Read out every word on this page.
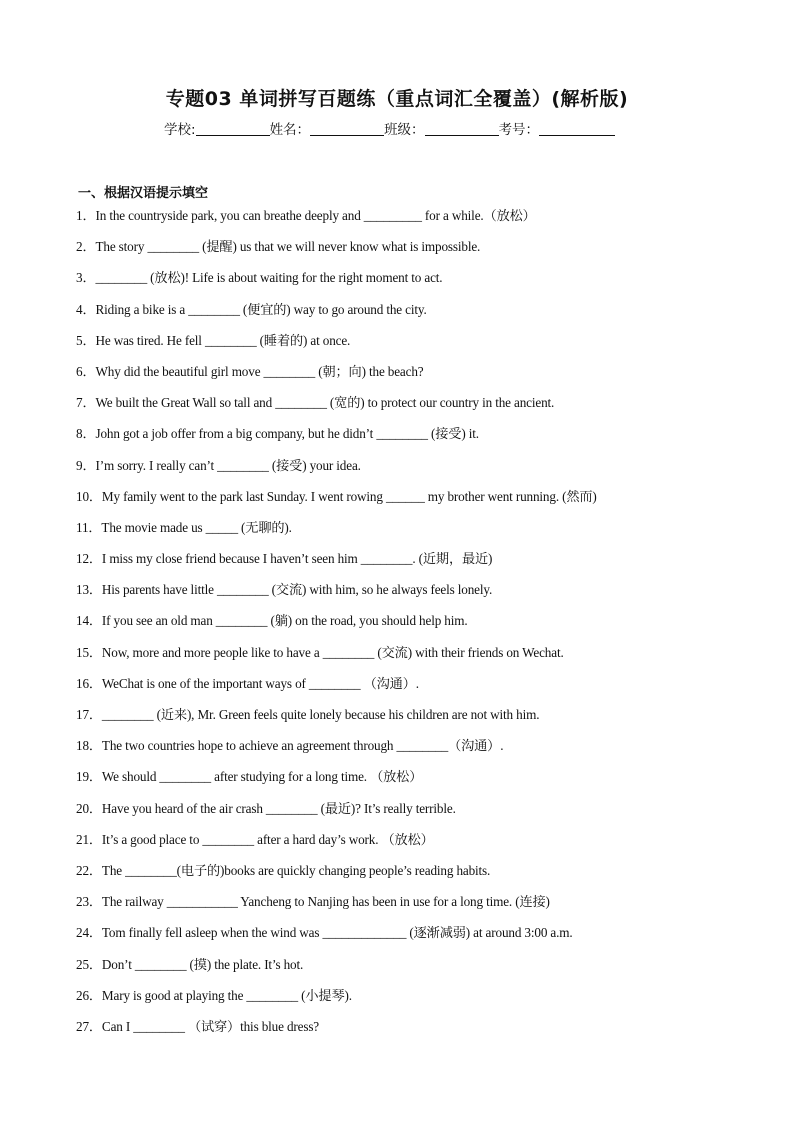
专题03 单词拼写百题练（重点词汇全覆盖）(解析版)
学校:	姓名：	班级：	考号：
一、根据汉语提示填空
1．In the countryside park, you can breathe deeply and _________ for a while.（放松）
2．The story ________ (提醒) us that we will never know what is impossible.
3．________ (放松)! Life is about waiting for the right moment to act.
4．Riding a bike is a ________ (便宜的) way to go around the city.
5．He was tired. He fell ________ (睡着的) at once.
6．Why did the beautiful girl move ________ (朝；向) the beach?
7．We built the Great Wall so tall and ________ (宽的) to protect our country in the ancient.
8．John got a job offer from a big company, but he didn’t ________ (接受) it.
9．I’m sorry. I really can’t ________ (接受) your idea.
10．My family went to the park last Sunday. I went rowing ______ my brother went running. (然而)
11．The movie made us _____ (无聊的).
12．I miss my close friend because I haven’t seen him ________. (近期，最近)
13．His parents have little ________ (交流) with him, so he always feels lonely.
14．If you see an old man ________ (躺) on the road, you should help him.
15．Now, more and more people like to have a ________ (交流) with their friends on Wechat.
16．WeChat is one of the important ways of ________ （沟通）.
17．________ (近来), Mr. Green feels quite lonely because his children are not with him.
18．The two countries hope to achieve an agreement through ________（沟通）.
19．We should ________ after studying for a long time. （放松）
20．Have you heard of the air crash ________ (最近)? It’s really terrible.
21．It’s a good place to ________ after a hard day’s work. （放松）
22．The ________(电子的)books are quickly changing people’s reading habits.
23．The railway ___________ Yancheng to Nanjing has been in use for a long time. (连接)
24．Tom finally fell asleep when the wind was _____________ (逐渐减弱) at around 3:00 a.m.
25．Don’t ________ (摸) the plate. It’s hot.
26．Mary is good at playing the ________ (小提琴).
27．Can I ________ （试穿）this blue dress?
